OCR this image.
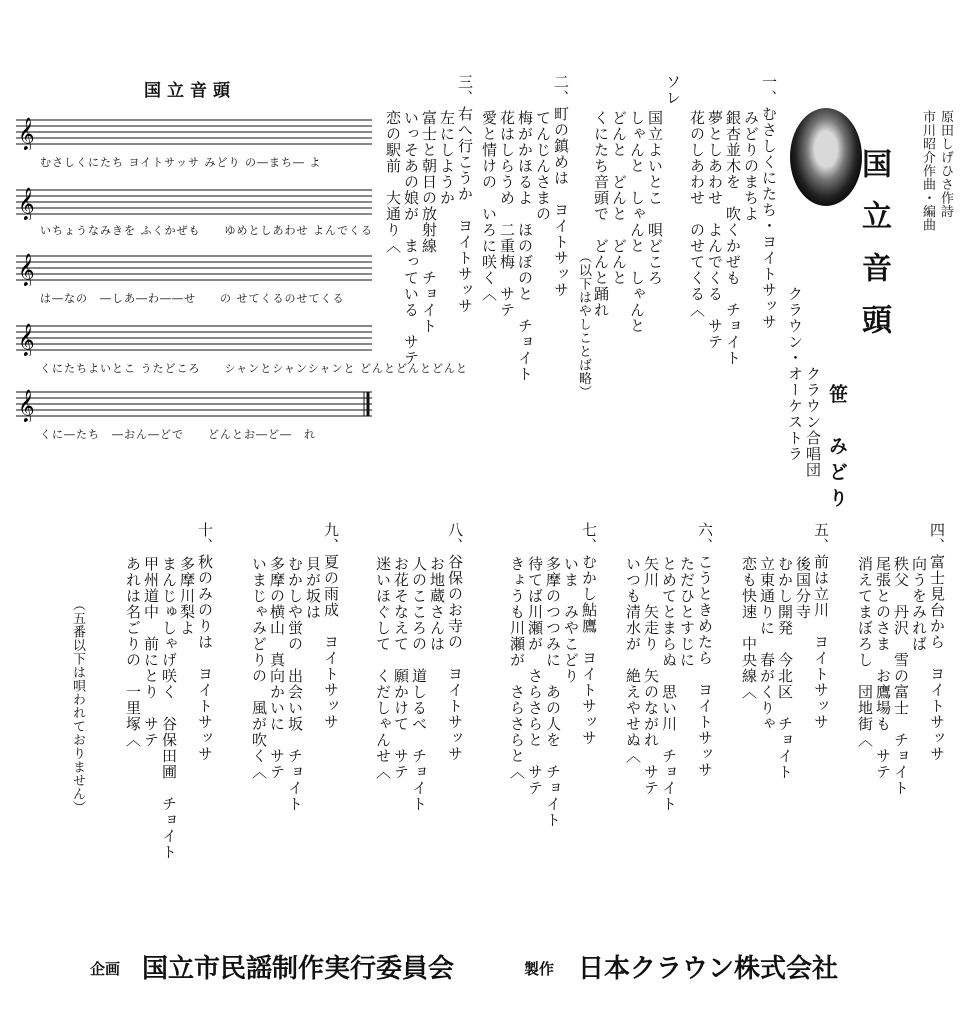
国立音頭
𝄞
むさしくにたち ヨイトサッサ みどり の―まち― よ
𝄞
いちょうなみきを ふくかぜも　　ゆめとしあわせ よんでくる
𝄞
は―なの　―しあ―わ――せ　　の せてくるのせてくる
𝄞
くにたちよいとこ うたどころ　　シャンとシャンシャンと どんとどんとどんと
𝄞
くに―たち　―おん―どで　　どんとお―ど―　れ
国立音頭	原田しげひさ作詩
市川昭介作曲・編曲
笹　みどり
クラウン合唱団
クラウン・オーケストラ
一、むさしくにたち・ヨイトサッサ
みどりのまちよ
銀杏並木を　吹くかぜも　チョイト
夢としあわせ　よんでくる　サテ
花のしあわせ　のせてくる〈
ソレ
国立よいとこ　唄どころ
しゃんと　しゃんと　しゃんと
どんと　どんと　どんと
くにたち音頭で　どんと踊れ
（以下はやしことば略）
二、町の鎮めは　ヨイトサッサ
てんじんさまの
梅がかほるよ　ほのぼのと　チョイト
花はしらうめ　二重梅　サテ
愛と情けの　いろに咲く〈
三、右へ行こうか　ヨイトサッサ
左にしようか
富士と朝日の放射線　チョイト
いっそあの娘が　まっている　サテ
恋の駅前　大通り〈
四、富士見台から　ヨイトサッサ
向うをみれば
秩父　丹沢　雪の富士　チョイト
尾張とのさま　お鷹場も　サテ
消えてまぼろし　団地街〈
五、前は立川　ヨイトサッサ
後国分寺
むかし開発　今北区　チョイト
立東通りに　春がくりゃ
恋も快速　中央線〈
六、こうときめたら　ヨイトサッサ
ただひとすじに
とめてとまらぬ　思い川　チョイト
矢川　矢走り　矢のながれ　サテ
いつも清水が　絶えやせぬ〈
七、むかし鮎鷹　ヨイトサッサ
いま　みやこどり
多摩のつつみに　あの人を　チョイト
待てば川瀬が　さらさらと　サテ
きょうも川瀬が　さらさらと〈
八、谷保のお寺の　ヨイトサッサ
お地蔵さんは
人のこころの　道しるべ　チョイト
お花そなえて　願かけて　サテ
迷いほぐして　くだしゃんせ〈
九、夏の雨成　ヨイトサッサ
貝が坂は
むかしや蛍の　出会い坂　チョイト
多摩の横山　真向かいに　サテ
いまじゃみどりの　風が吹く〈
十、秋のみのりは　ヨイトサッサ
多摩川梨よ
まんじゅしゃげ咲く　谷保田圃　チョイト
甲州道中　前にとり　サテ
あれは名ごりの　一里塚〈
（五番以下は唄われておりません）
企画 国立市民謡制作実行委員会	製作 日本クラウン株式会社
